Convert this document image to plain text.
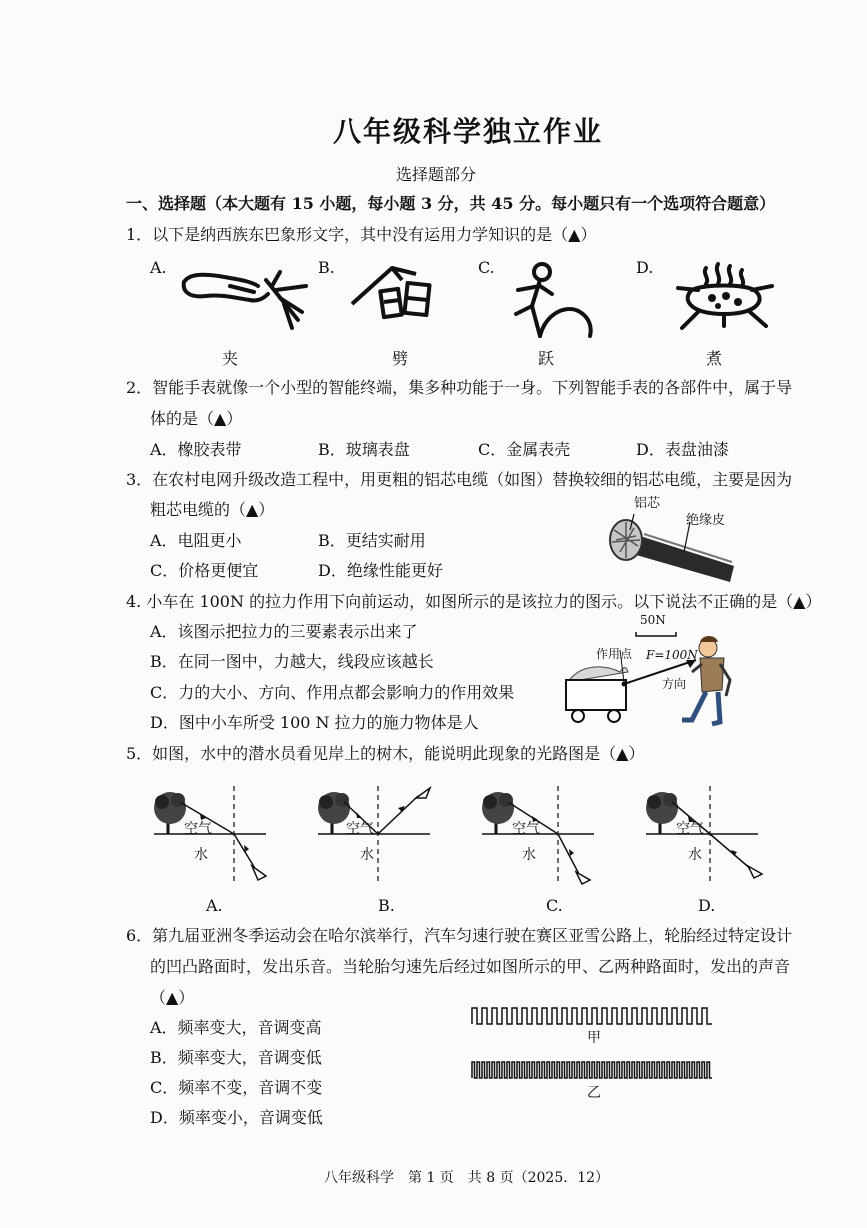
八年级科学独立作业
选择题部分
一、选择题（本大题有 15 小题，每小题 3 分，共 45 分。每小题只有一个选项符合题意）
1．以下是纳西族东巴象形文字，其中没有运用力学知识的是（▲）
A.	B.	C.	D.
夹	劈	跃	煮
2．智能手表就像一个小型的智能终端，集多种功能于一身。下列智能手表的各部件中，属于导
体的是（▲）
A．橡胶表带	B．玻璃表盘	C．金属表壳	D．表盘油漆
3．在农村电网升级改造工程中，用更粗的铝芯电缆（如图）替换较细的铝芯电缆，主要是因为
粗芯电缆的（▲）
A．电阻更小	B．更结实耐用
C．价格更便宜	D．绝缘性能更好
铝芯
绝缘皮
4. 小车在 100N 的拉力作用下向前运动，如图所示的是该拉力的图示。以下说法不正确的是（▲）
A．该图示把拉力的三要素表示出来了
B．在同一图中，力越大，线段应该越长
C．力的大小、方向、作用点都会影响力的作用效果
D．图中小车所受 100 N 拉力的施力物体是人
50N
作用点 F=100N
方向
5．如图，水中的潜水员看见岸上的树木，能说明此现象的光路图是（▲）
空气
水
空气
水
空气
水
空气
水
A.	B.	C.	D.
6．第九届亚洲冬季运动会在哈尔滨举行，汽车匀速行驶在赛区亚雪公路上，轮胎经过特定设计
的凹凸路面时，发出乐音。当轮胎匀速先后经过如图所示的甲、乙两种路面时，发出的声音
（▲）
A．频率变大，音调变高
B．频率变大，音调变低
C．频率不变，音调不变
D．频率变小，音调变低
甲
乙
八年级科学　第 1 页　共 8 页（2025．12）
